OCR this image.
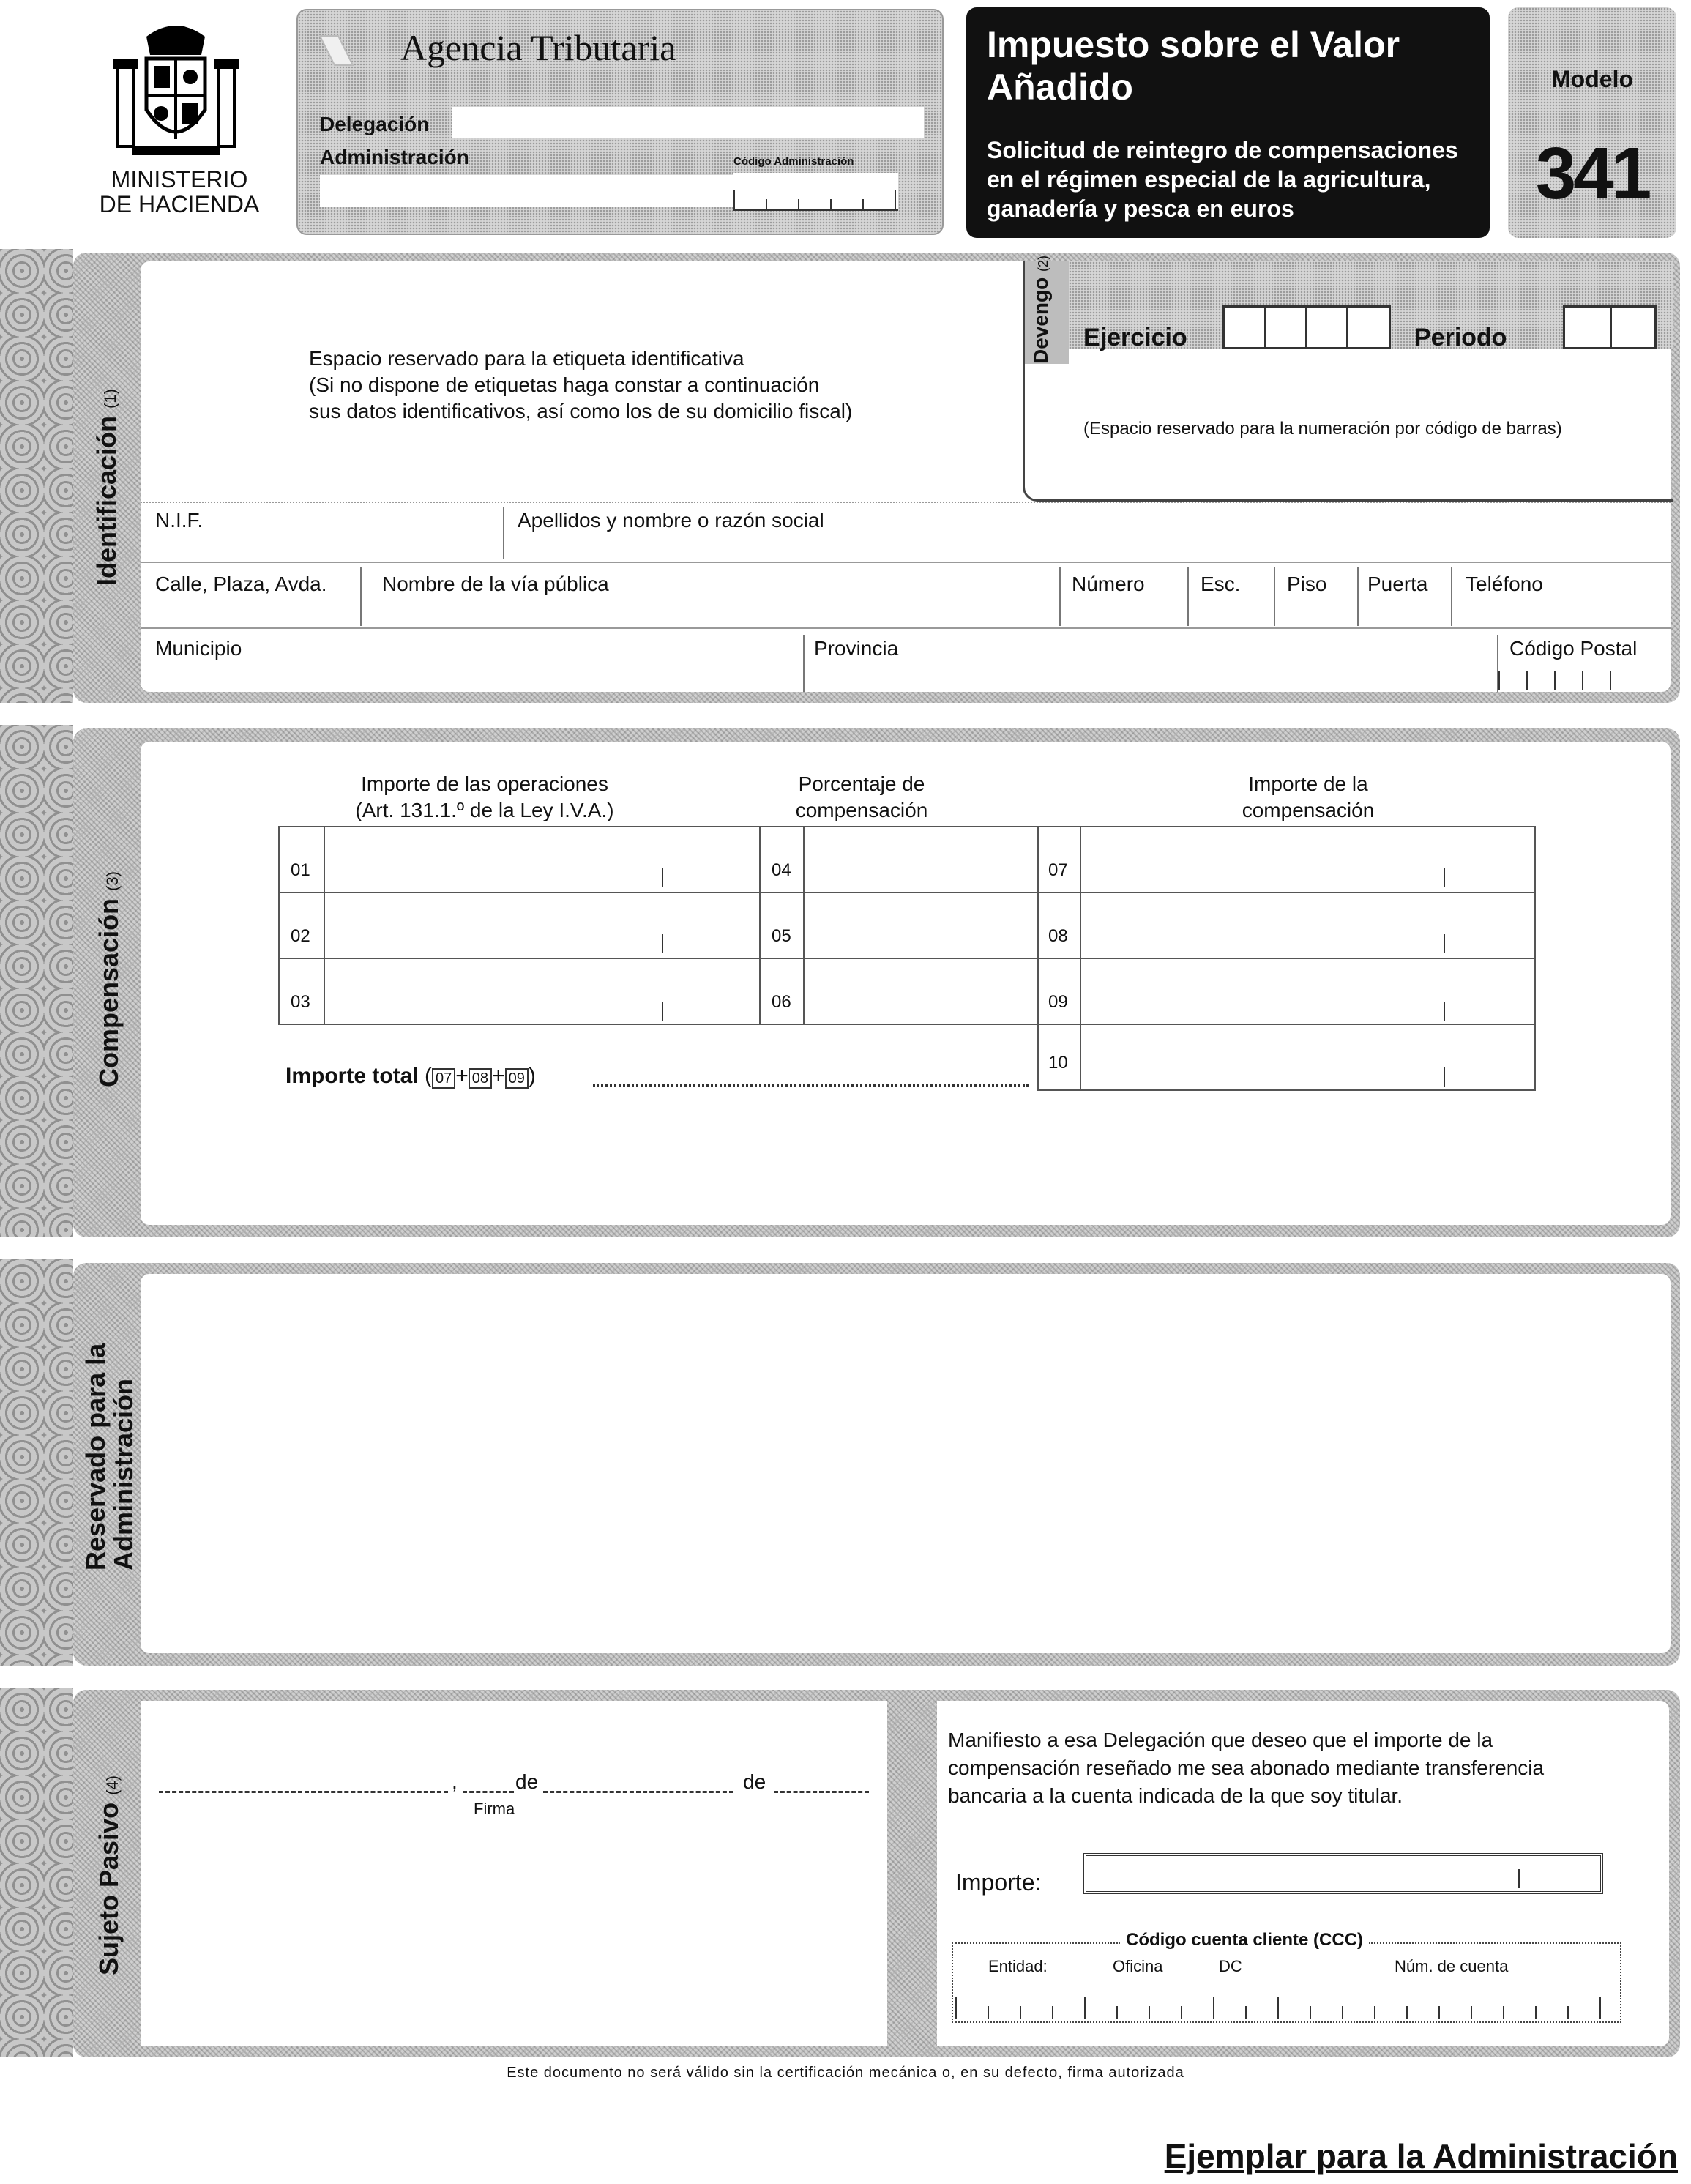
MINISTERIO
DE HACIENDA
Agencia Tributaria
Delegación
Administración	Código Administración
Impuesto sobre el Valor
Añadido
Solicitud de reintegro de compensaciones
en el régimen especial de la agricultura,
ganadería y pesca en euros
Modelo
341
Identificación (1)
Espacio reservado para la etiqueta identificativa
(Si no dispone de etiquetas haga constar a continuación
sus datos identificativos, así como los de su domicilio fiscal)
Devengo (2)
Ejercicio	Periodo
(Espacio reservado para la numeración por código de barras)
N.I.F.	Apellidos y nombre o razón social
Calle, Plaza, Avda.	Nombre de la vía pública	Número	Esc. Piso Puerta Teléfono
Municipio	Provincia	Código Postal
Compensación (3)
Importe de las operaciones
(Art. 131.1.º de la Ley I.V.A.)
Porcentaje de
compensación
Importe de la
compensación
01	04	07
02	05	08
03	06	09
10
Importe total ( 07 + 08 + 09 )
Reservado para la
Administración
Sujeto Pasivo (4)	,	de	de
Firma
Manifiesto a esa Delegación que deseo que el importe de la
compensación reseñado me sea abonado mediante transferencia
bancaria a la cuenta indicada de la que soy titular.
Importe:
Código cuenta cliente (CCC)
Entidad:	Oficina	DC	Núm. de cuenta
Este documento no será válido sin la certificación mecánica o, en su defecto, firma autorizada
Ejemplar para la Administración
